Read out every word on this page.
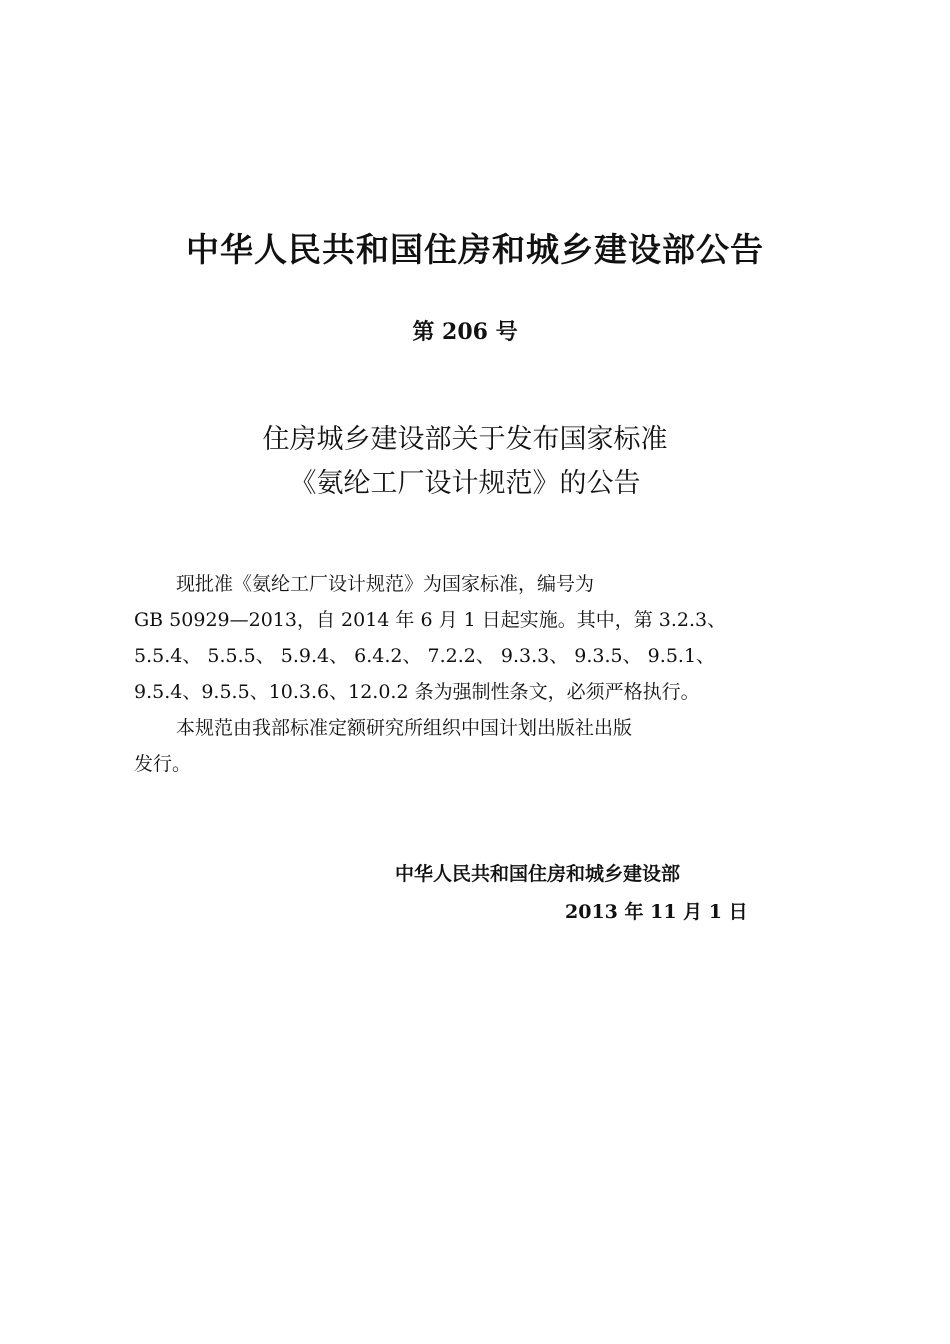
中华人民共和国住房和城乡建设部公告
第 206 号
住房城乡建设部关于发布国家标准
《氨纶工厂设计规范》的公告
现批准《氨纶工厂设计规范》为国家标准，编号为
GB 50929—2013，自 2014 年 6 月 1 日起实施。其中，第 3.2.3、
5.5.4、 5.5.5、 5.9.4、 6.4.2、 7.2.2、 9.3.3、 9.3.5、 9.5.1、
9.5.4、9.5.5、10.3.6、12.0.2 条为强制性条文，必须严格执行。
本规范由我部标准定额研究所组织中国计划出版社出版
发行。
中华人民共和国住房和城乡建设部
2013 年 11 月 1 日
